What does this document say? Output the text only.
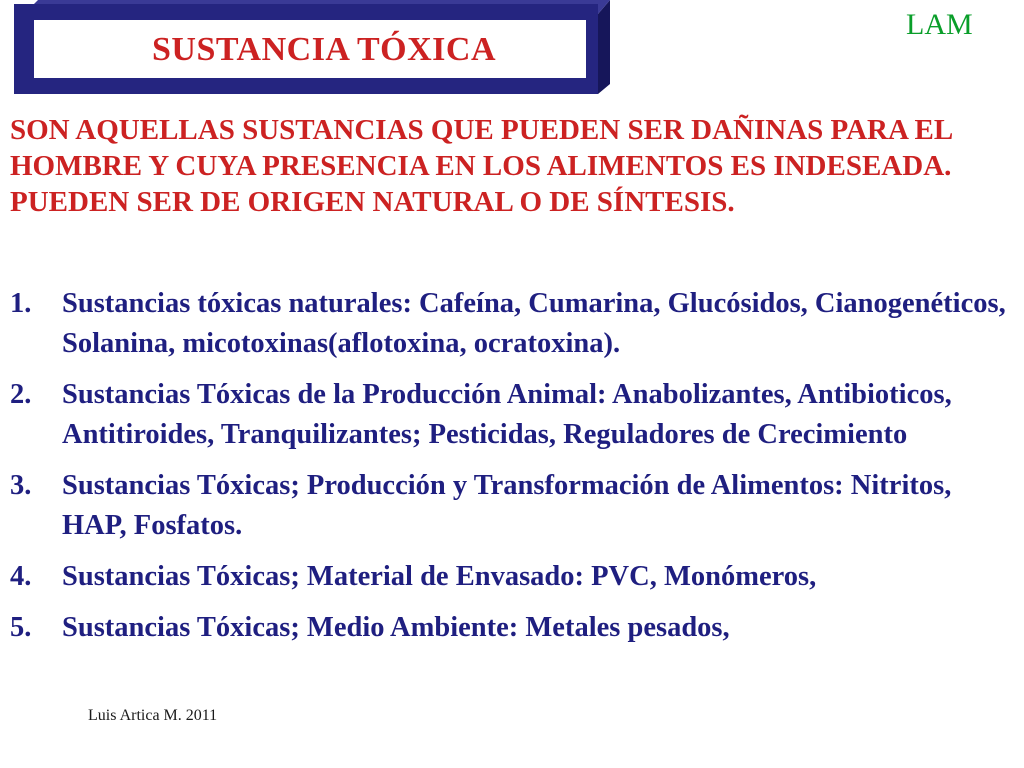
SUSTANCIA TÓXICA
LAM
SON AQUELLAS SUSTANCIAS QUE PUEDEN SER DAÑINAS PARA EL HOMBRE Y CUYA PRESENCIA EN LOS ALIMENTOS ES INDESEADA. PUEDEN SER DE ORIGEN NATURAL O DE SÍNTESIS.
1. Sustancias tóxicas naturales: Cafeína, Cumarina, Glucósidos, Cianogenéticos, Solanina, micotoxinas(aflotoxina, ocratoxina).
2. Sustancias Tóxicas de la Producción Animal: Anabolizantes, Antibioticos, Antitiroides, Tranquilizantes; Pesticidas, Reguladores de Crecimiento
3. Sustancias Tóxicas; Producción y Transformación de Alimentos: Nitritos, HAP, Fosfatos.
4. Sustancias Tóxicas; Material de Envasado: PVC, Monómeros,
5. Sustancias Tóxicas; Medio Ambiente: Metales pesados,
Luis Artica M. 2011
